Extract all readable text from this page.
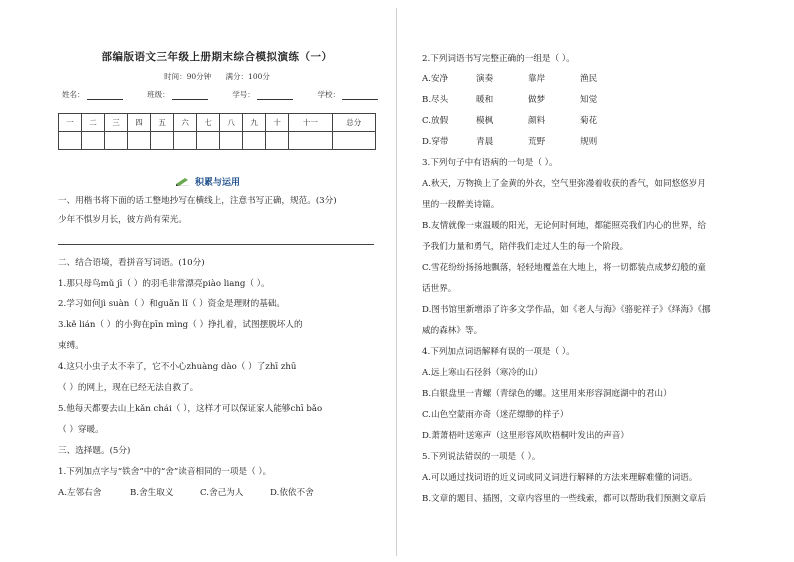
部编版语文三年级上册期末综合模拟演练（一）
时间：90分钟 满分：100分
姓名：	班级：	学号：	学校：
一	二	三	四	五	六	七	八	九	十	十一	总分

积累与运用
一、用楷书将下面的话工整地抄写在横线上，注意书写正确，规范。(3分)
少年不惧岁月长，彼方尚有荣光。
二、结合语境，看拼音写词语。(10分)
1.那只母鸟mǔ jī（ ）的羽毛非常漂亮piào liang（ ）。
2.学习如何jì suàn（ ）和guǎn lǐ（ ）资金是理财的基础。
3.kě lián（ ）的小狗在pīn mìng（ ）挣扎着，试图摆脱坏人的
束缚。
4.这只小虫子太不幸了，它不小心zhuàng dào（ ）了zhī zhū
（ ）的网上，现在已经无法自救了。
5.他每天都要去山上kǎn chái（ ），这样才可以保证家人能够chī bǎo
（ ）穿暖。
三、选择题。(5分)
1.下列加点字与“铁舍”中的“舍”读音相同的一项是（ ）。
A.左邻右舍	B.舍生取义	C.舍己为人	D.依依不舍
2.下列词语书写完整正确的一组是（ ）。
A.安净	演奏	靠岸	渔民
B.尽头	暖和	做梦	知觉
C.放假	模枫	颜料	菊花
D.穿带	青晨	荒野	规则
3.下列句子中有语病的一句是（ ）。
A.秋天，万物换上了金黄的外衣，空气里弥漫着收获的香气，如同悠悠岁月
里的一段醉美诗篇。
B.友情就像一束温暖的阳光，无论何时何地，都能照亮我们内心的世界，给
予我们力量和勇气，陪伴我们走过人生的每一个阶段。
C.雪花纷纷扬扬地飘落，轻轻地覆盖在大地上，将一切都装点成梦幻般的童
话世界。
D.图书馆里新增添了许多文学作品，如《老人与海》《骆驼祥子》《绎海》《挪
威的森林》等。
4.下列加点词语解释有误的一项是（ ）。
A.远上寒山石径斜（寒冷的山）
B.白银盘里一青螺（青绿色的螺。这里用来形容洞庭湖中的君山）
C.山色空蒙雨亦奇（迷茫缥缈的样子）
D.萧萧梧叶送寒声（这里形容风吹梧桐叶发出的声音）
5.下列说法错误的一项是（ ）。
A.可以通过找词语的近义词或同义词进行解释的方法来理解难懂的词语。
B.文章的题目、插图，文章内容里的一些线索，都可以帮助我们预测文章后
